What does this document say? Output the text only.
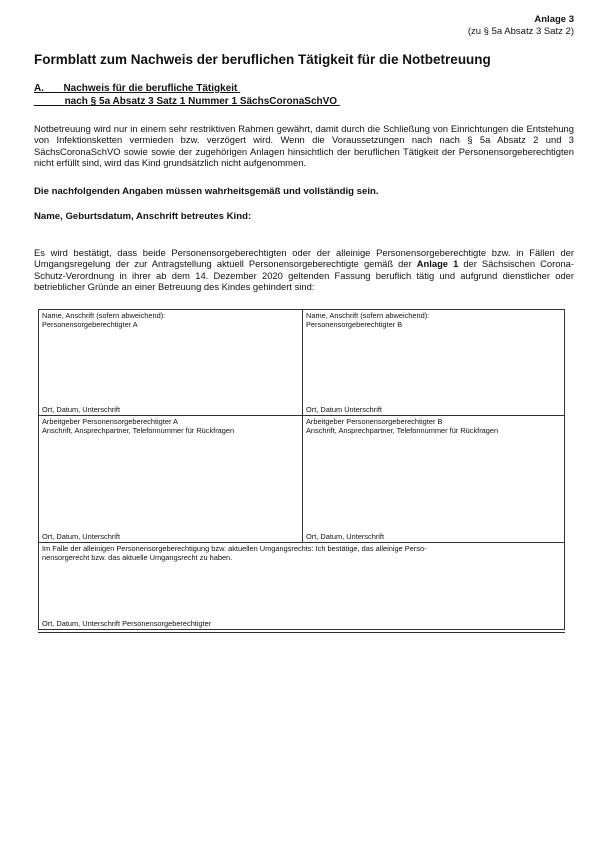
Anlage 3
(zu § 5a Absatz 3 Satz 2)
Formblatt zum Nachweis der beruflichen Tätigkeit für die Notbetreuung
A. Nachweis für die berufliche Tätigkeit
nach § 5a Absatz 3 Satz 1 Nummer 1 SächsCoronaSchVO
Notbetreuung wird nur in einem sehr restriktiven Rahmen gewährt, damit durch die Schließung von Einrichtungen die Entstehung von Infektionsketten vermieden bzw. verzögert wird. Wenn die Voraussetzungen nach nach § 5a Absatz 2 und 3 SächsCoronaSchVO sowie sowie der zugehörigen Anlagen hinsichtlich der beruflichen Tätigkeit der Personensorgeberechtigten nicht erfüllt sind, wird das Kind grundsätzlich nicht aufgenommen.
Die nachfolgenden Angaben müssen wahrheitsgemäß und vollständig sein.
Name, Geburtsdatum, Anschrift betreutes Kind:
Es wird bestätigt, dass beide Personensorgeberechtigten oder der alleinige Personensorgeberechtigte bzw. in Fällen der Umgangsregelung der zur Antragstellung aktuell Personensorgeberechtigte gemäß der Anlage 1 der Sächsischen Corona-Schutz-Verordnung in ihrer ab dem 14. Dezember 2020 geltenden Fassung beruflich tätig und aufgrund dienstlicher oder betrieblicher Gründe an einer Betreuung des Kindes gehindert sind:
Name, Anschrift (sofern abweichend):
Personensorgeberechtigter A
Ort, Datum, Unterschrift
Name, Anschrift (sofern abweichend):
Personensorgeberechtigter B
Ort, Datum Unterschrift
Arbeitgeber Personensorgeberechtigter A
Anschrift, Ansprechpartner, Telefonnummer für Rückfragen
Ort, Datum, Unterschrift
Arbeitgeber Personensorgeberechtigter B
Anschrift, Ansprechpartner, Telefonnummer für Rückfragen
Ort, Datum, Unterschrift
Im Falle der alleinigen Personensorgeberechtigung bzw. aktuellen Umgangsrechts: Ich bestätige, das alleinige Perso-
nensorgerecht bzw. das aktuelle Umgangsrecht zu haben.
Ort, Datum, Unterschrift Personensorgeberechtigter
